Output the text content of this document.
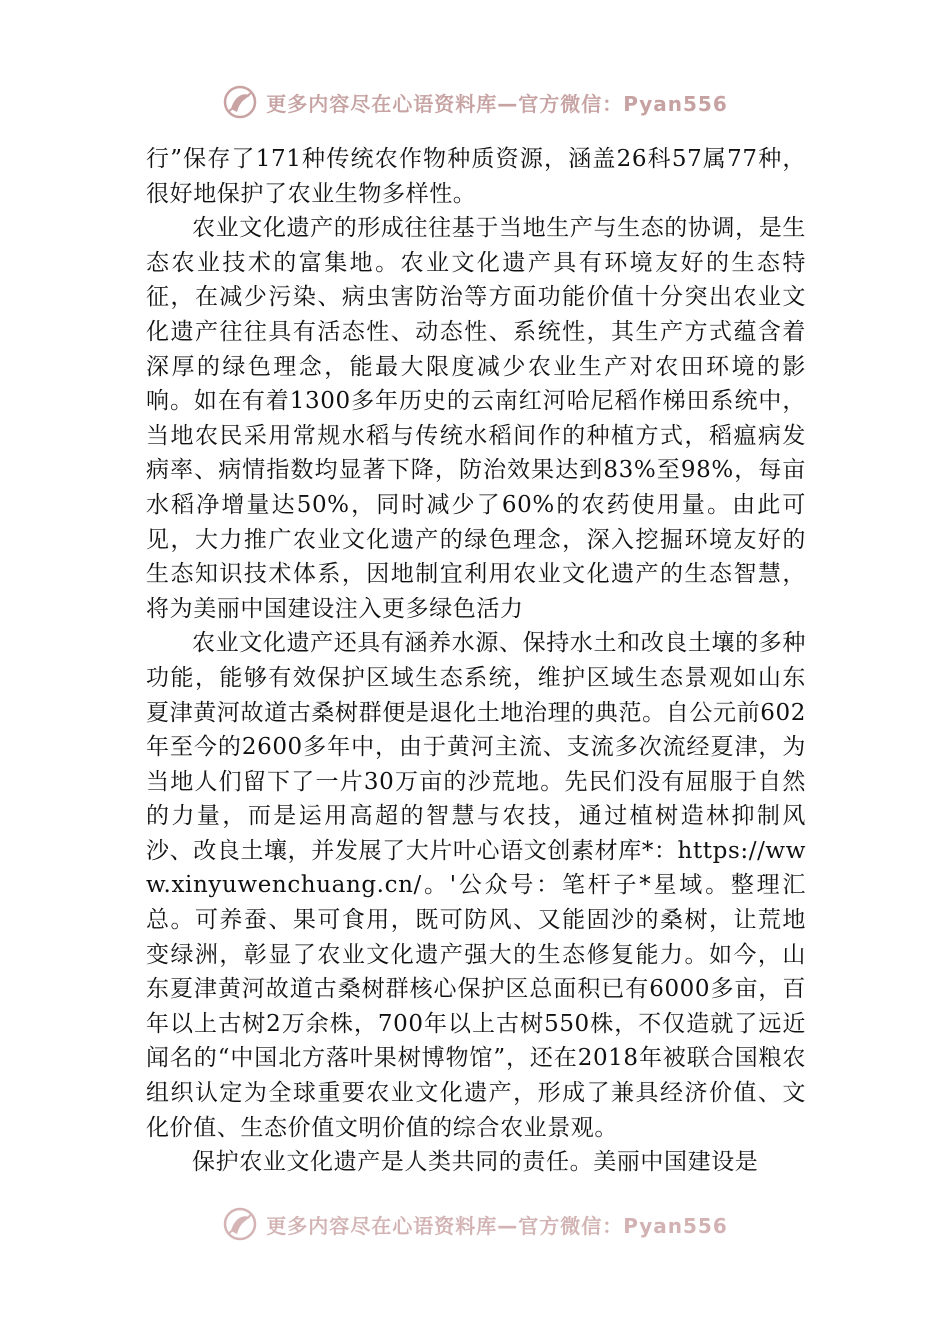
更多内容尽在心语资料库—官方微信：Pyan556

行”保存了171种传统农作物种质资源，涵盖26科57属77种，很好地保护了农业生物多样性。

农业文化遗产的形成往往基于当地生产与生态的协调，是生态农业技术的富集地。农业文化遗产具有环境友好的生态特征，在减少污染、病虫害防治等方面功能价值十分突出农业文化遗产往往具有活态性、动态性、系统性，其生产方式蕴含着深厚的绿色理念，能最大限度减少农业生产对农田环境的影响。如在有着1300多年历史的云南红河哈尼稻作梯田系统中，当地农民采用常规水稻与传统水稻间作的种植方式，稻瘟病发病率、病情指数均显著下降，防治效果达到83%至98%，每亩水稻净增量达50%，同时减少了60%的农药使用量。由此可见，大力推广农业文化遗产的绿色理念，深入挖掘环境友好的生态知识技术体系，因地制宜利用农业文化遗产的生态智慧，将为美丽中国建设注入更多绿色活力

农业文化遗产还具有涵养水源、保持水土和改良土壤的多种功能，能够有效保护区域生态系统，维护区域生态景观如山东夏津黄河故道古桑树群便是退化土地治理的典范。自公元前602年至今的2600多年中，由于黄河主流、支流多次流经夏津，为当地人们留下了一片30万亩的沙荒地。先民们没有屈服于自然的力量，而是运用高超的智慧与农技，通过植树造林抑制风沙、改良土壤，并发展了大片叶心语文创素材库*：https://www.xinyuwenchuang.cn/。'公众号：笔杆子*星域。整理汇总。可养蚕、果可食用，既可防风、又能固沙的桑树，让荒地变绿洲，彰显了农业文化遗产强大的生态修复能力。如今，山东夏津黄河故道古桑树群核心保护区总面积已有6000多亩，百年以上古树2万余株，700年以上古树550株，不仅造就了远近闻名的“中国北方落叶果树博物馆”，还在2018年被联合国粮农组织认定为全球重要农业文化遗产，形成了兼具经济价值、文化价值、生态价值文明价值的综合农业景观。

保护农业文化遗产是人类共同的责任。美丽中国建设是

更多内容尽在心语资料库—官方微信：Pyan556
